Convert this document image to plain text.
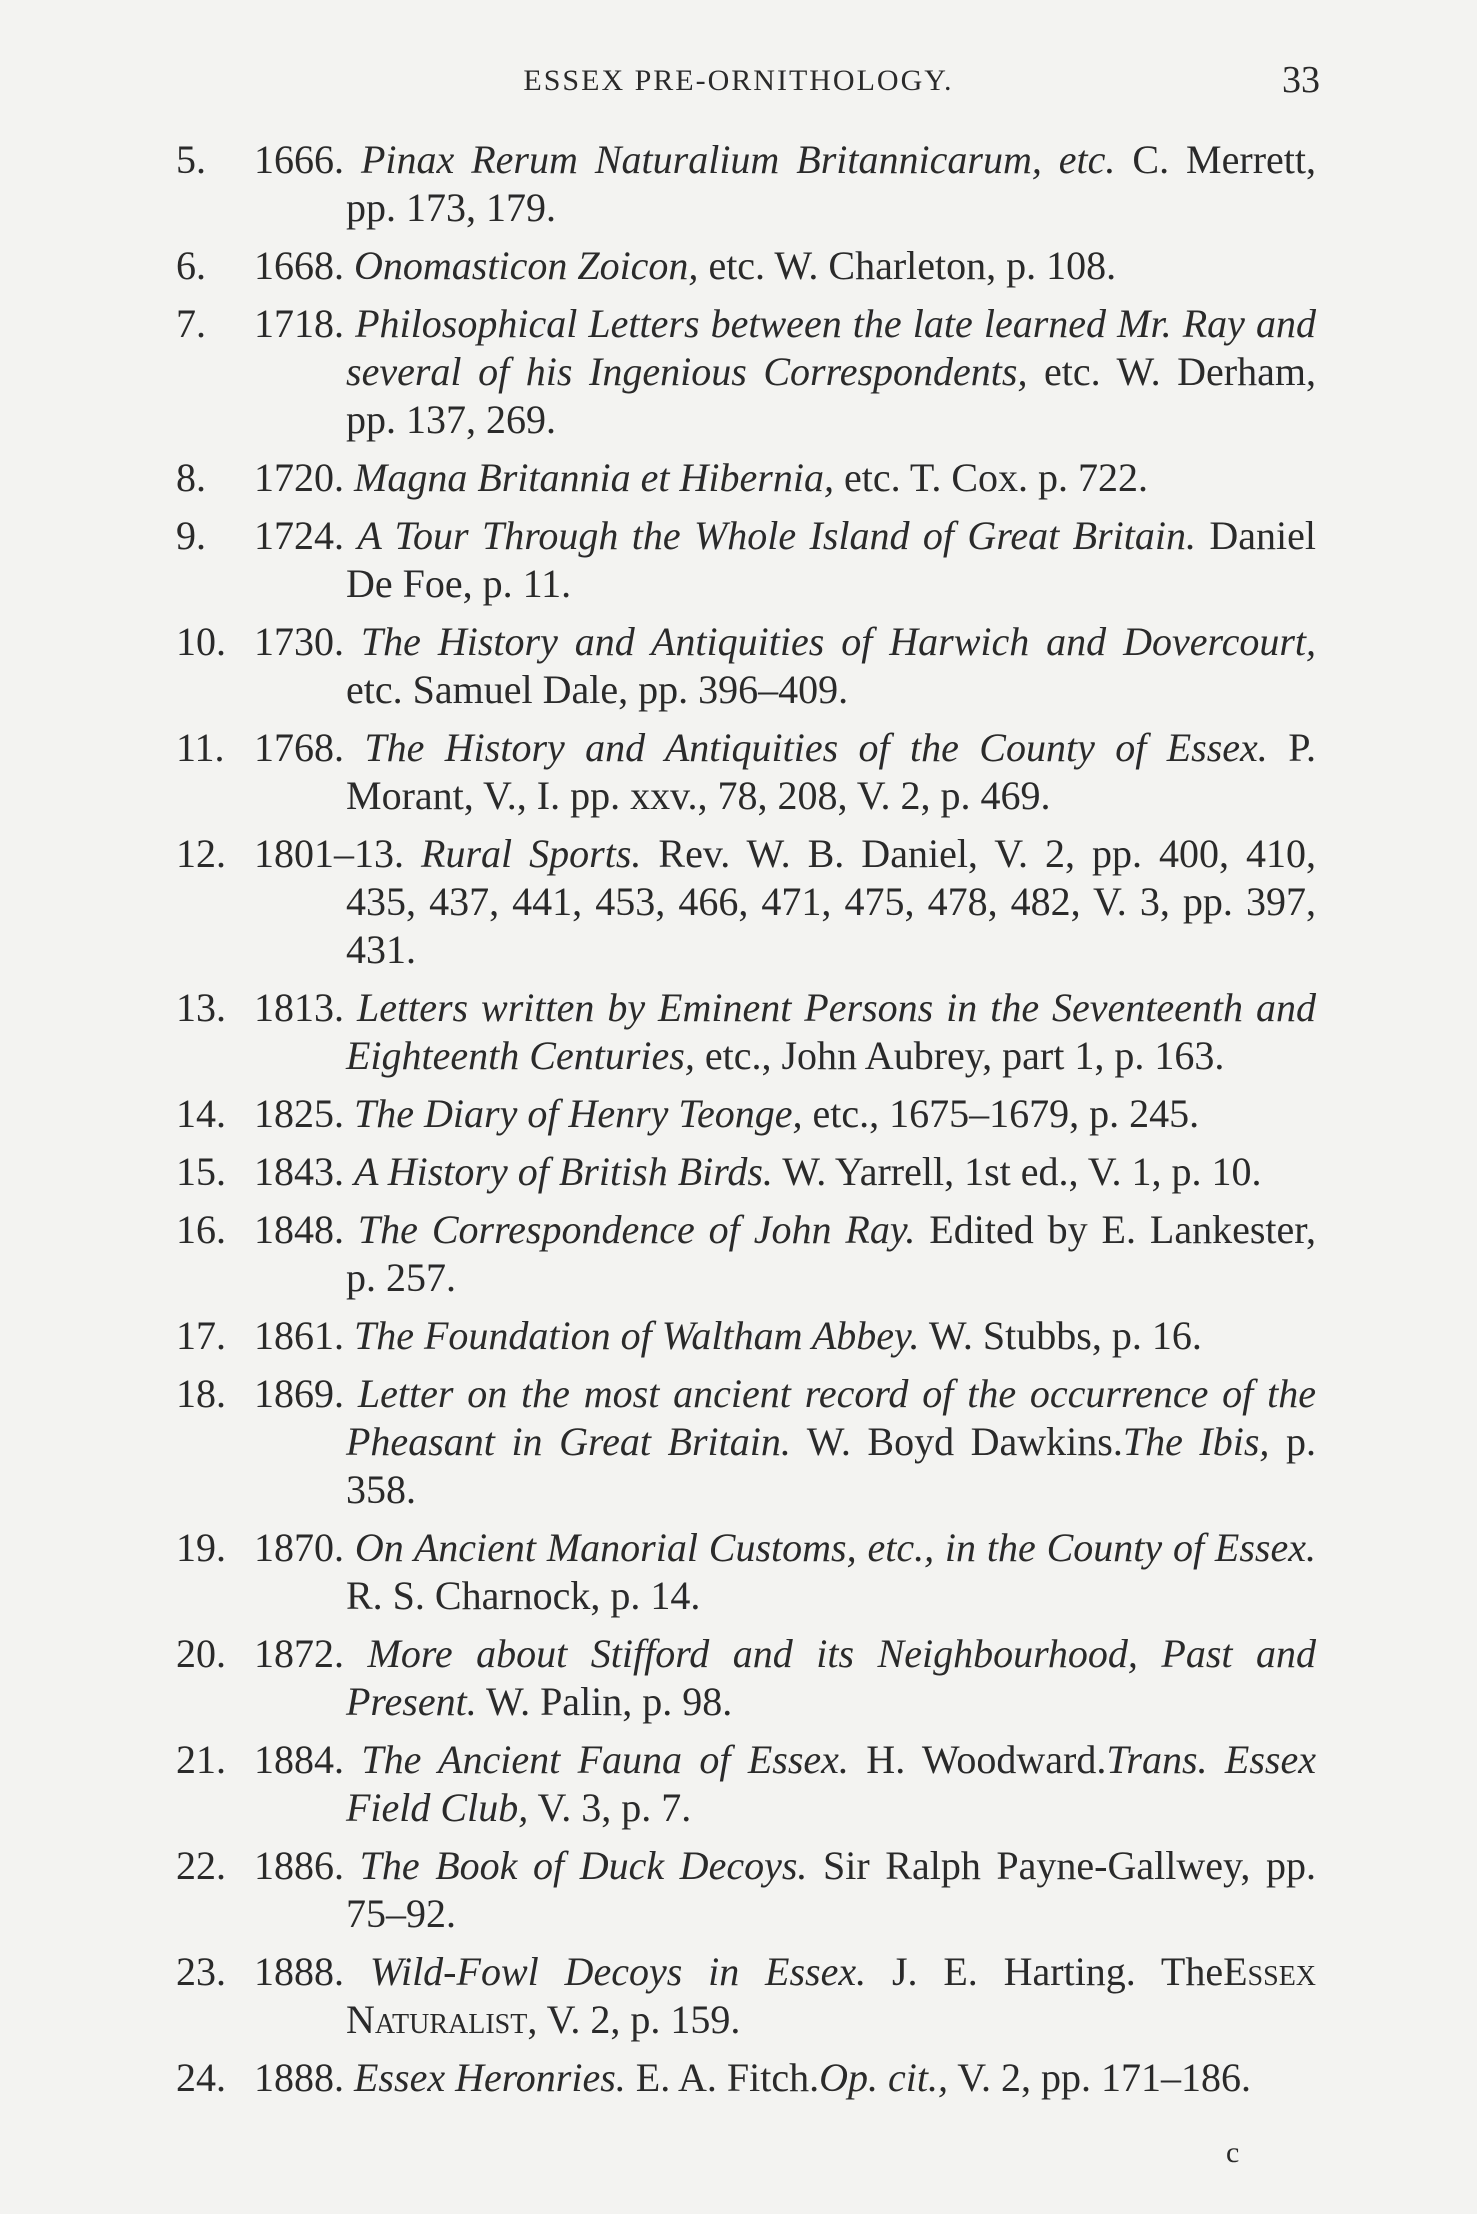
ESSEX PRE-ORNITHOLOGY.	33
5.	1666. Pinax Rerum Naturalium Britannicarum, etc. C. Merrett, pp. 173, 179.
6.	1668. Onomasticon Zoicon, etc. W. Charleton, p. 108.
7.	1718. Philosophical Letters between the late learned Mr. Ray and several of his Ingenious Correspondents, etc. W. Derham, pp. 137, 269.
8.	1720. Magna Britannia et Hibernia, etc. T. Cox. p. 722.
9.	1724. A Tour Through the Whole Island of Great Britain. Daniel De Foe, p. 11.
10. 1730. The History and Antiquities of Harwich and Dovercourt, etc. Samuel Dale, pp. 396–409.
11. 1768. The History and Antiquities of the County of Essex. P. Morant, V., I. pp. xxv., 78, 208, V. 2, p. 469.
12. 1801–13. Rural Sports. Rev. W. B. Daniel, V. 2, pp. 400, 410, 435, 437, 441, 453, 466, 471, 475, 478, 482, V. 3, pp. 397, 431.
13. 1813. Letters written by Eminent Persons in the Seventeenth and Eighteenth Centuries, etc., John Aubrey, part 1, p. 163.
14. 1825. The Diary of Henry Teonge, etc., 1675–1679, p. 245.
15. 1843. A History of British Birds. W. Yarrell, 1st ed., V. 1, p. 10.
16. 1848. The Correspondence of John Ray. Edited by E. Lankester, p. 257.
17. 1861. The Foundation of Waltham Abbey. W. Stubbs, p. 16.
18. 1869. Letter on the most ancient record of the occurrence of the Pheasant in Great Britain. W. Boyd Dawkins.The Ibis, p. 358.
19. 1870. On Ancient Manorial Customs, etc., in the County of Essex. R. S. Charnock, p. 14.
20. 1872. More about Stifford and its Neighbourhood, Past and Present. W. Palin, p. 98.
21. 1884. The Ancient Fauna of Essex. H. Woodward.Trans. Essex Field Club, V. 3, p. 7.
22. 1886. The Book of Duck Decoys. Sir Ralph Payne-Gallwey, pp. 75–92.
23. 1888. Wild-Fowl Decoys in Essex. J. E. Harting. TheEssex Naturalist, V. 2, p. 159.
24. 1888. Essex Heronries. E. A. Fitch.Op. cit., V. 2, pp. 171–186.
c
